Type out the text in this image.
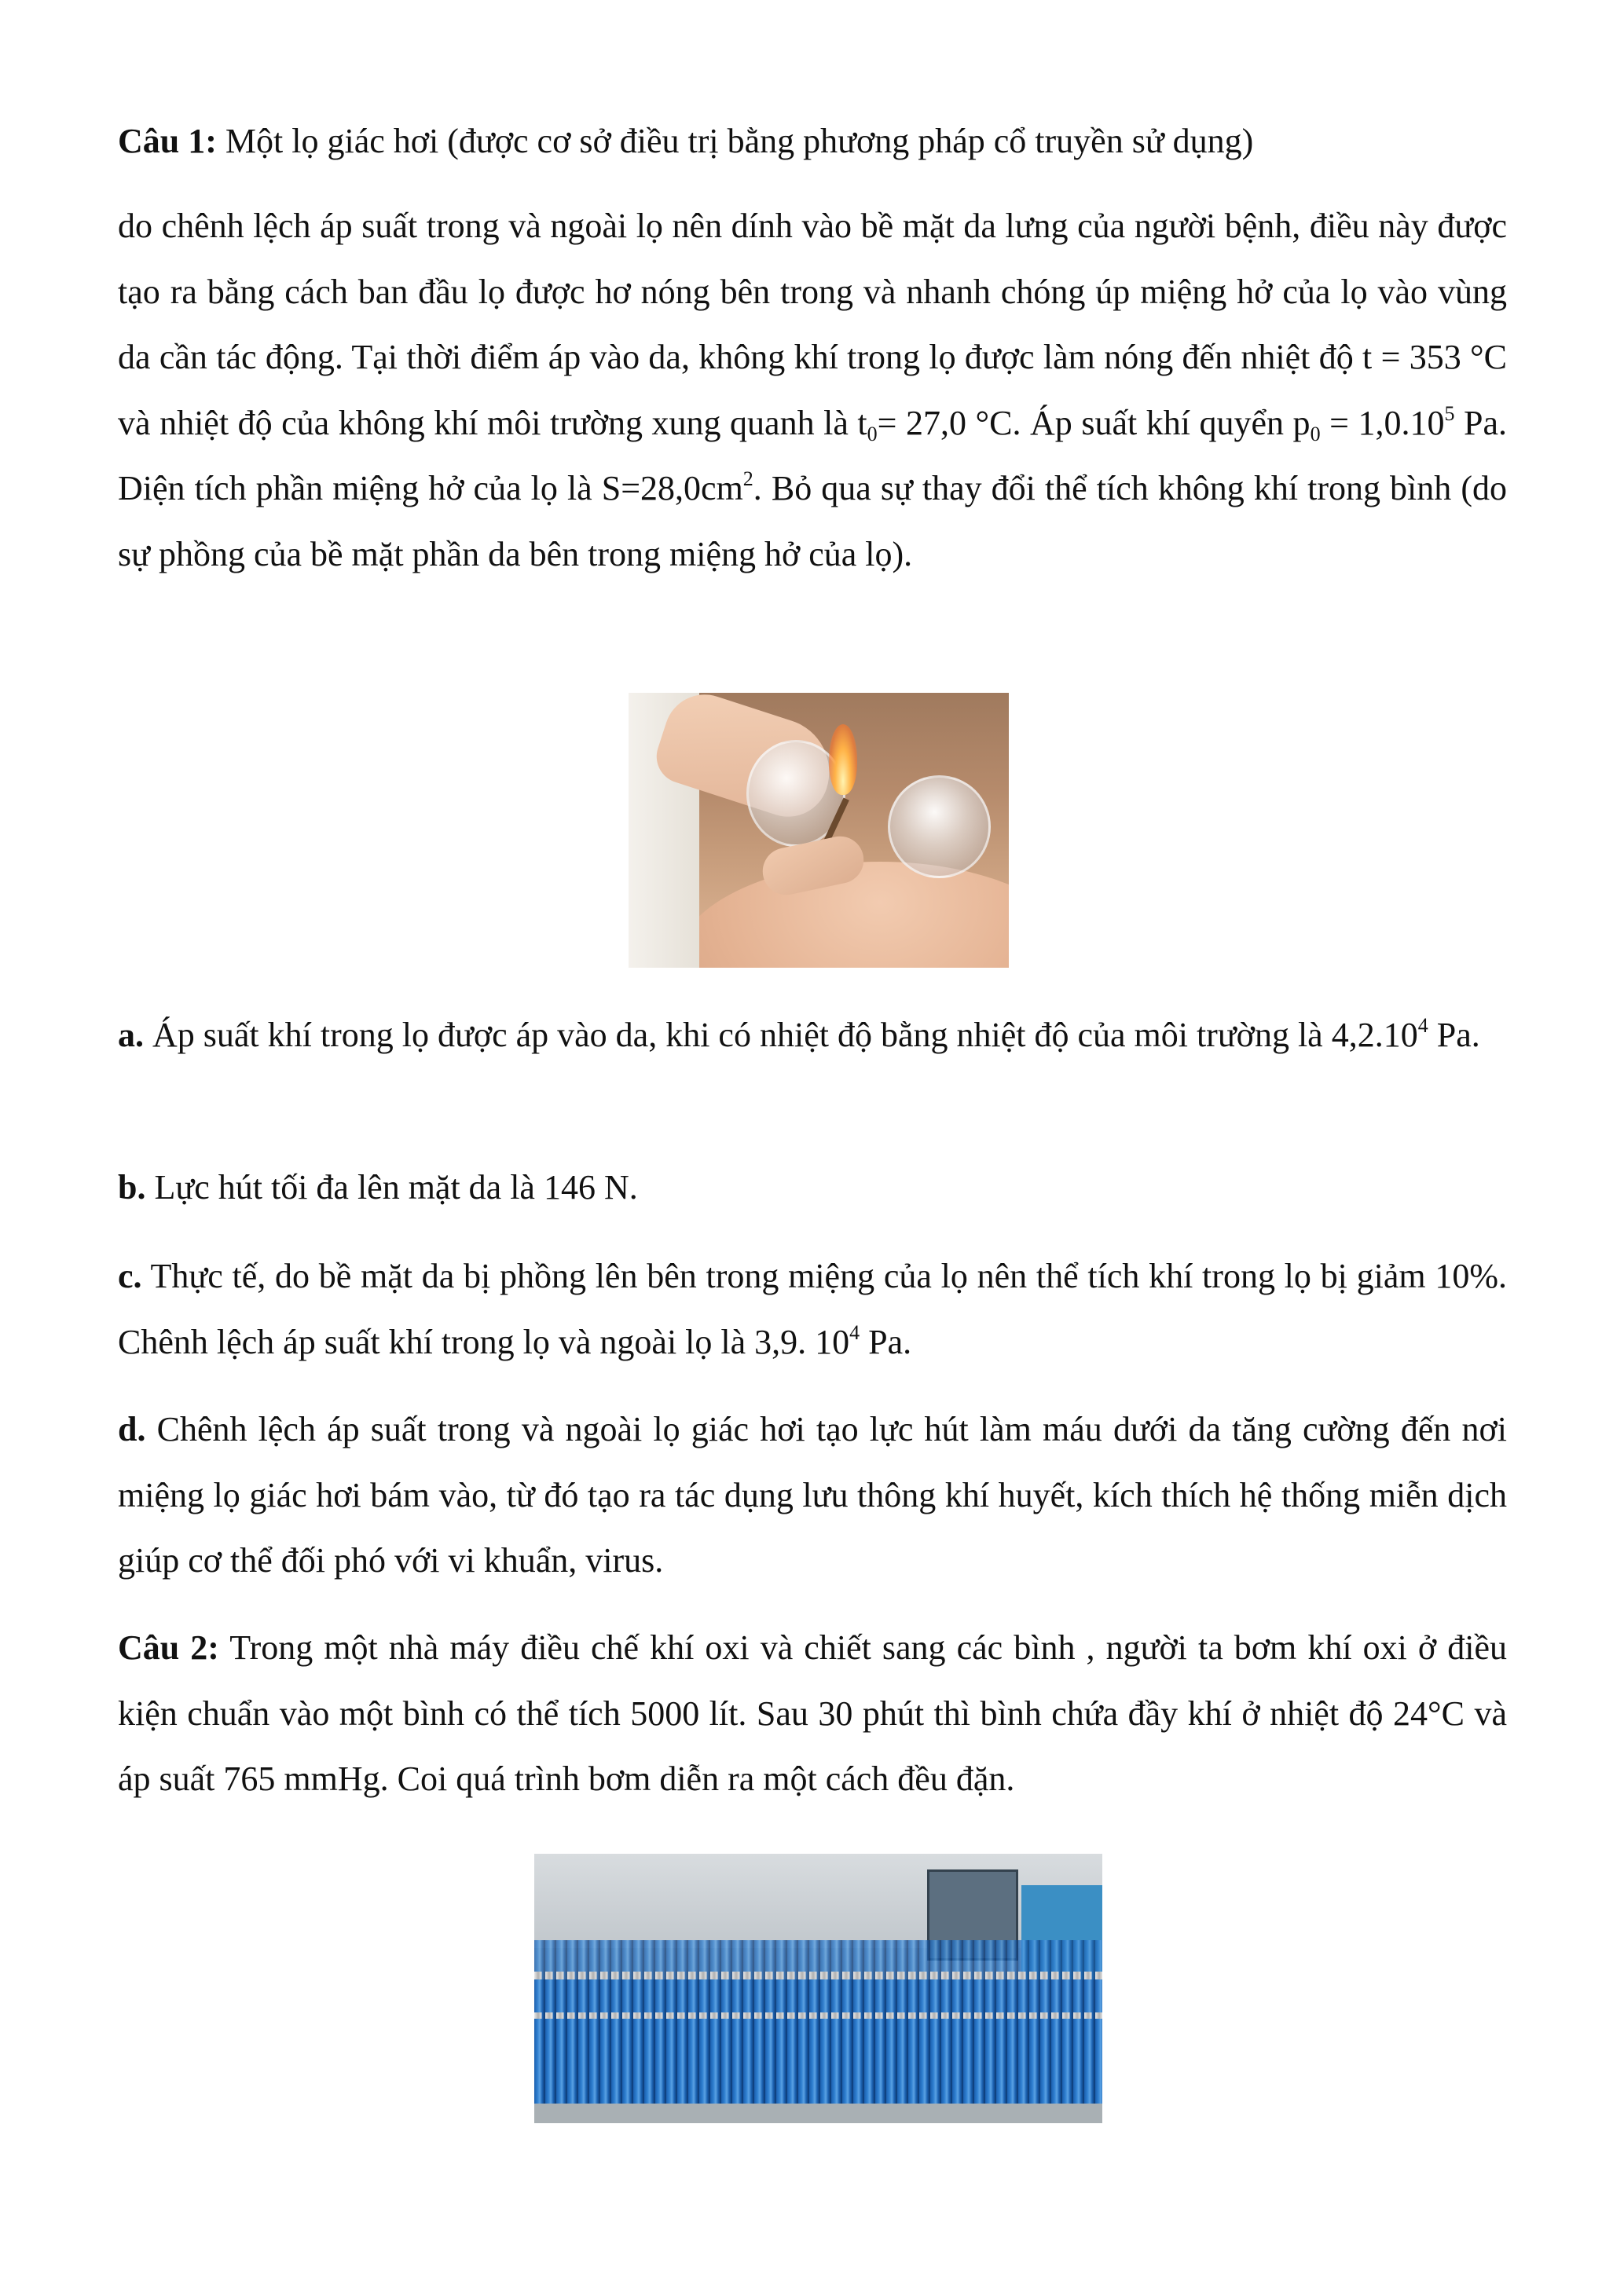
Câu 1: Một lọ giác hơi (được cơ sở điều trị bằng phương pháp cổ truyền sử dụng)

do chênh lệch áp suất trong và ngoài lọ nên dính vào bề mặt da lưng của người bệnh, điều này được tạo ra bằng cách ban đầu lọ được hơ nóng bên trong và nhanh chóng úp miệng hở của lọ vào vùng da cần tác động. Tại thời điểm áp vào da, không khí trong lọ được làm nóng đến nhiệt độ t = 353 °C và nhiệt độ của không khí môi trường xung quanh là $t_0= 27,0$ °C. Áp suất khí quyển $p_0 = 1,0.10^5$ Pa. Diện tích phần miệng hở của lọ là $S=28,0cm^2$. Bỏ qua sự thay đổi thể tích không khí trong bình (do sự phồng của bề mặt phần da bên trong miệng hở của lọ).

a. Áp suất khí trong lọ được áp vào da, khi có nhiệt độ bằng nhiệt độ của môi trường là 4,2.10$^4$ Pa.

b. Lực hút tối đa lên mặt da là 146 N.

c. Thực tế, do bề mặt da bị phồng lên bên trong miệng của lọ nên thể tích khí trong lọ bị giảm 10%. Chênh lệch áp suất khí trong lọ và ngoài lọ là 3,9. $10^4$ Pa.

d. Chênh lệch áp suất trong và ngoài lọ giác hơi tạo lực hút làm máu dưới da tăng cường đến nơi miệng lọ giác hơi bám vào, từ đó tạo ra tác dụng lưu thông khí huyết, kích thích hệ thống miễn dịch giúp cơ thể đối phó với vi khuẩn, virus.

Câu 2: Trong một nhà máy điều chế khí oxi và chiết sang các bình , người ta bơm khí oxi ở điều kiện chuẩn vào một bình có thể tích 5000 lít. Sau 30 phút thì bình chứa đầy khí ở nhiệt độ 24°C và áp suất 765 mmHg. Coi quá trình bơm diễn ra một cách đều đặn.
